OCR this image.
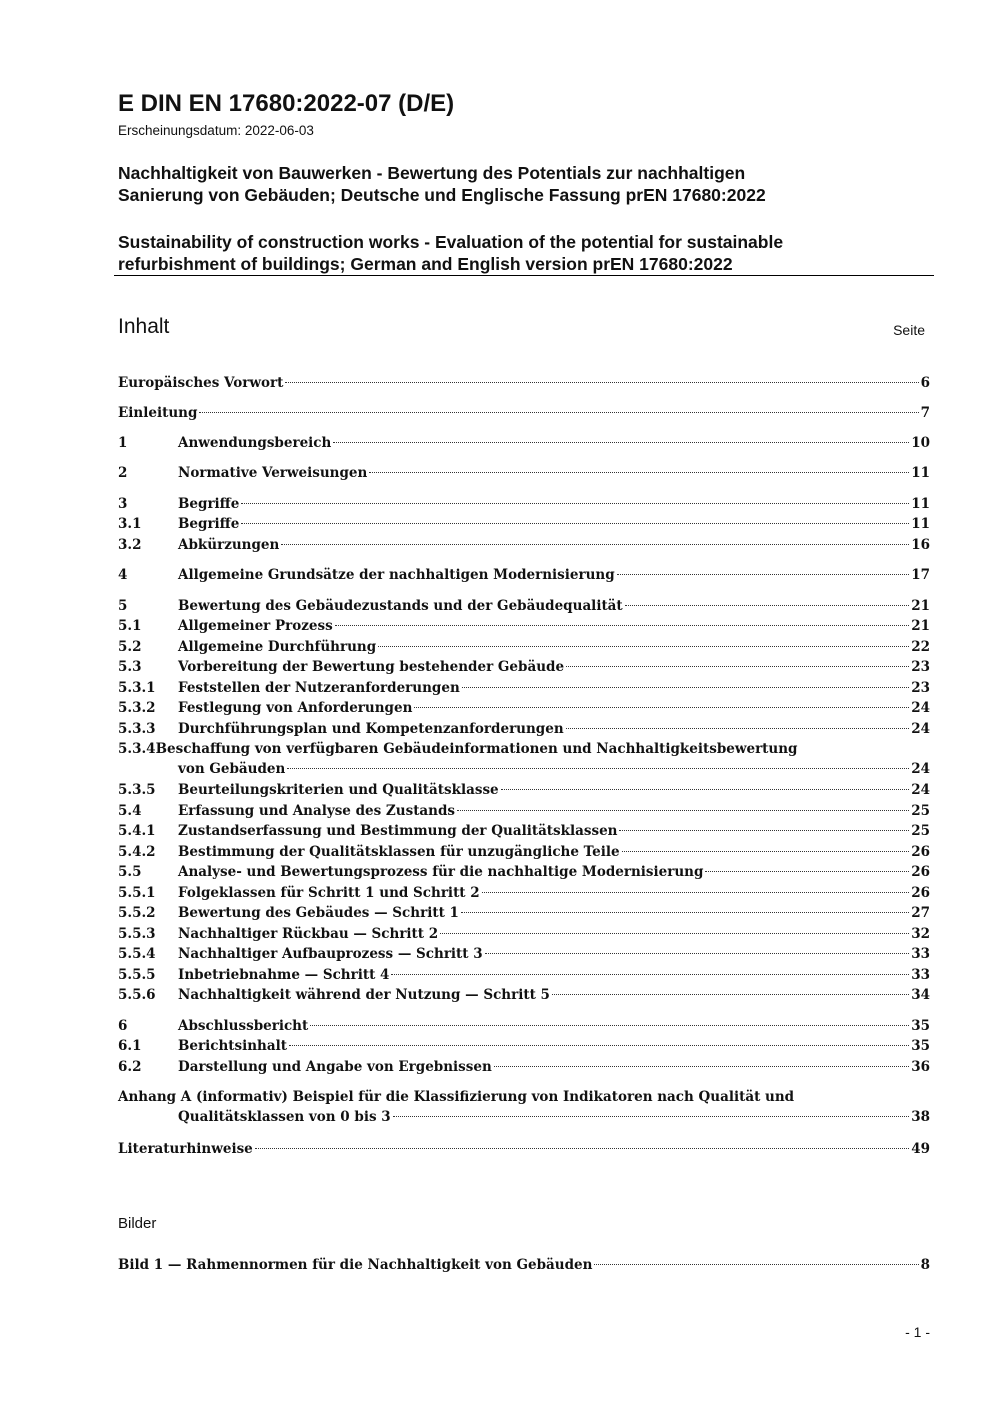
E DIN EN 17680:2022-07 (D/E)
Erscheinungsdatum: 2022-06-03
Nachhaltigkeit von Bauwerken - Bewertung des Potentials zur nachhaltigen
Sanierung von Gebäuden; Deutsche und Englische Fassung prEN 17680:2022
Sustainability of construction works - Evaluation of the potential for sustainable
refurbishment of buildings; German and English version prEN 17680:2022
Inhalt	Seite
Europäisches Vorwort	6
Einleitung	7
1	Anwendungsbereich	10
2	Normative Verweisungen	11
3	Begriffe	11
3.1	Begriffe	11
3.2	Abkürzungen	16
4	Allgemeine Grundsätze der nachhaltigen Modernisierung	17
5	Bewertung des Gebäudezustands und der Gebäudequalität	21
5.1	Allgemeiner Prozess	21
5.2	Allgemeine Durchführung	22
5.3	Vorbereitung der Bewertung bestehender Gebäude	23
5.3.1	Feststellen der Nutzeranforderungen	23
5.3.2	Festlegung von Anforderungen	24
5.3.3	Durchführungsplan und Kompetenzanforderungen	24
5.3.4Beschaffung von verfügbaren Gebäudeinformationen und Nachhaltigkeitsbewertung
von Gebäuden	24
5.3.5	Beurteilungskriterien und Qualitätsklasse	24
5.4	Erfassung und Analyse des Zustands	25
5.4.1	Zustandserfassung und Bestimmung der Qualitätsklassen	25
5.4.2	Bestimmung der Qualitätsklassen für unzugängliche Teile	26
5.5	Analyse- und Bewertungsprozess für die nachhaltige Modernisierung	26
5.5.1	Folgeklassen für Schritt 1 und Schritt 2	26
5.5.2	Bewertung des Gebäudes — Schritt 1	27
5.5.3	Nachhaltiger Rückbau — Schritt 2	32
5.5.4	Nachhaltiger Aufbauprozess — Schritt 3	33
5.5.5	Inbetriebnahme — Schritt 4	33
5.5.6	Nachhaltigkeit während der Nutzung — Schritt 5	34
6	Abschlussbericht	35
6.1	Berichtsinhalt	35
6.2	Darstellung und Angabe von Ergebnissen	36
Anhang A (informativ) Beispiel für die Klassifizierung von Indikatoren nach Qualität und
Qualitätsklassen von 0 bis 3	38
Literaturhinweise	49
Bilder
Bild 1 — Rahmennormen für die Nachhaltigkeit von Gebäuden	8
- 1 -
